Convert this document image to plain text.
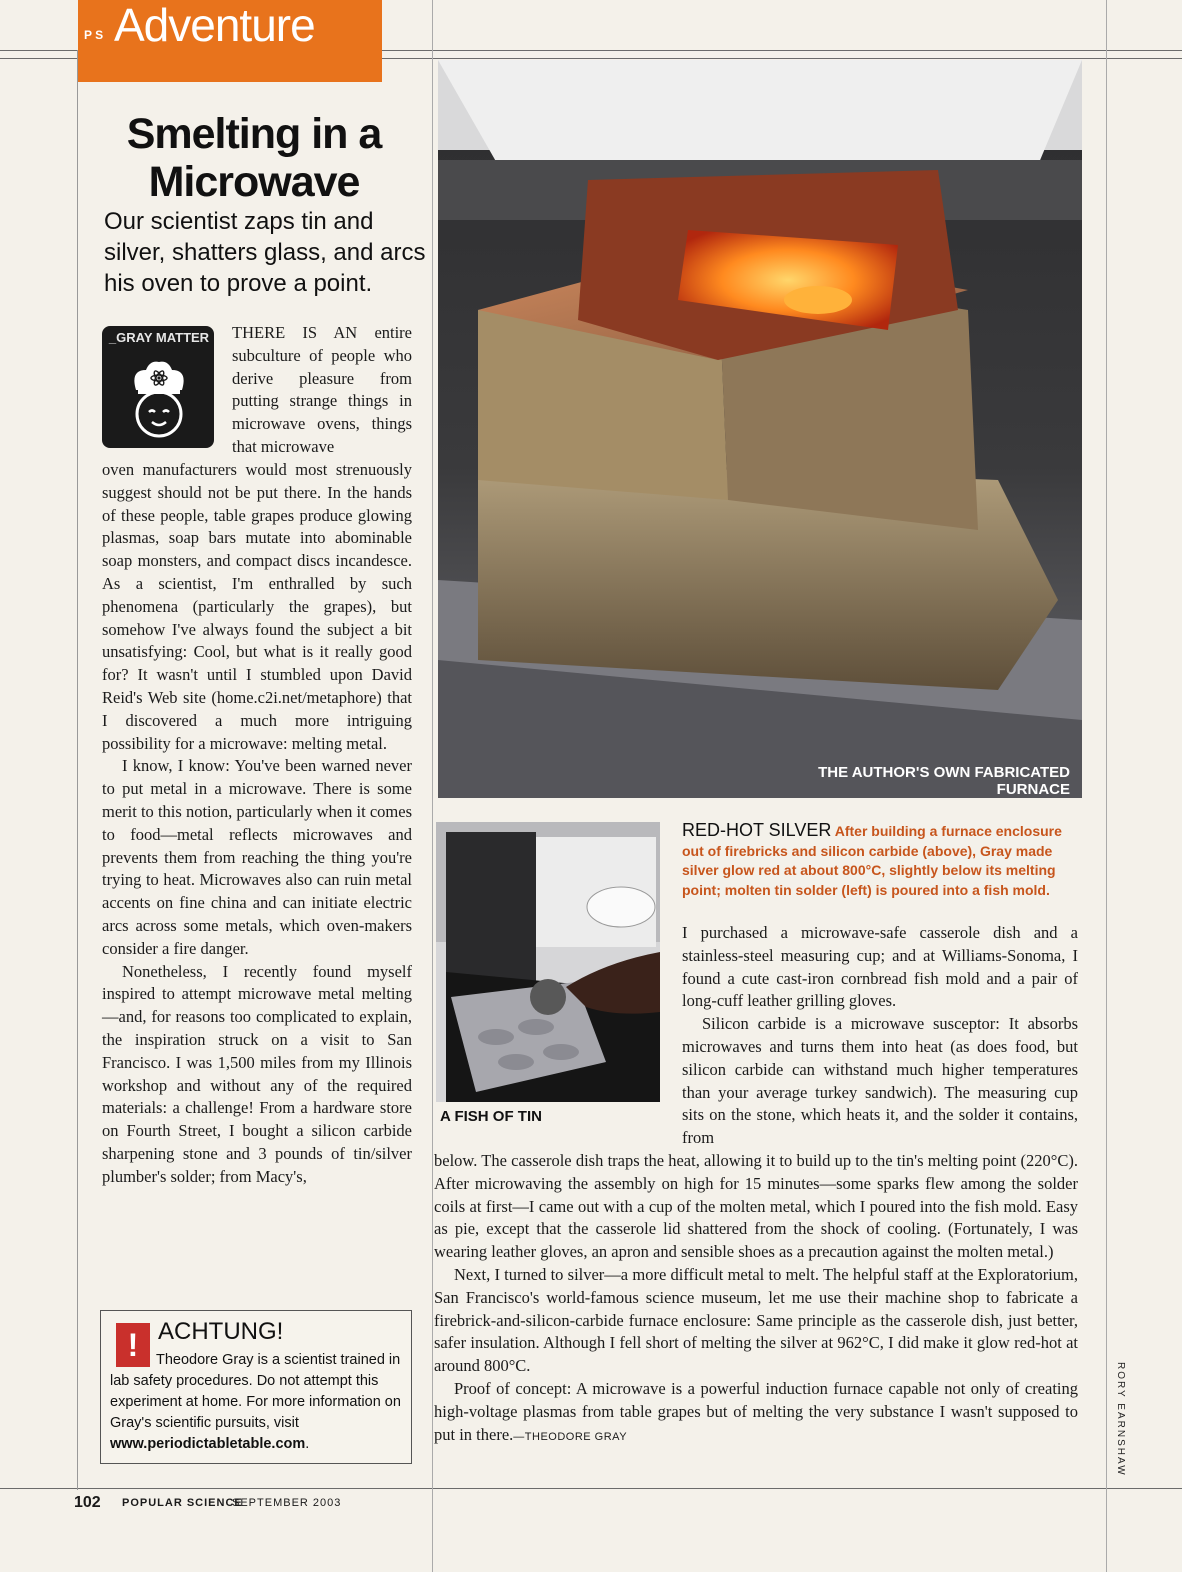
P S Adventure
Smelting in a Microwave
Our scientist zaps tin and silver, shatters glass, and arcs his oven to prove a point.
_GRAY MATTER THERE IS AN entire subculture of people who derive pleasure from putting strange things in microwave ovens, things that microwave

oven manufacturers would most strenuously suggest should not be put there. In the hands of these people, table grapes produce glowing plasmas, soap bars mutate into abominable soap monsters, and compact discs incandesce. As a scientist, I'm enthralled by such phenomena (particularly the grapes), but somehow I've always found the subject a bit unsatisfying: Cool, but what is it really good for? It wasn't until I stumbled upon David Reid's Web site (home.c2i.net/metaphore) that I discovered a much more intriguing possibility for a microwave: melting metal.

I know, I know: You've been warned never to put metal in a microwave. There is some merit to this notion, particularly when it comes to food—metal reflects microwaves and prevents them from reaching the thing you're trying to heat. Microwaves also can ruin metal accents on fine china and can initiate electric arcs across some metals, which oven-makers consider a fire danger.

Nonetheless, I recently found myself inspired to attempt microwave metal melting—and, for reasons too complicated to explain, the inspiration struck on a visit to San Francisco. I was 1,500 miles from my Illinois workshop and without any of the required materials: a challenge! From a hardware store on Fourth Street, I bought a silicon carbide sharpening stone and 3 pounds of tin/silver plumber's solder; from Macy's,

! ACHTUNG!
Theodore Gray is a scientist trained in lab safety procedures. Do not attempt this experiment at home. For more information on Gray's scientific pursuits, visit www.periodictabletable.com.
THE AUTHOR'S OWN FABRICATED FURNACE
A FISH OF TIN
RED-HOT SILVER After building a furnace enclosure out of firebricks and silicon carbide (above), Gray made silver glow red at about 800°C, slightly below its melting point; molten tin solder (left) is poured into a fish mold.

I purchased a microwave-safe casserole dish and a stainless-steel measuring cup; and at Williams-Sonoma, I found a cute cast-iron cornbread fish mold and a pair of long-cuff leather grilling gloves.

Silicon carbide is a microwave susceptor: It absorbs microwaves and turns them into heat (as does food, but silicon carbide can withstand much higher temperatures than your average turkey sandwich). The measuring cup sits on the stone, which heats it, and the solder it contains, from

below. The casserole dish traps the heat, allowing it to build up to the tin's melting point (220°C). After microwaving the assembly on high for 15 minutes—some sparks flew among the solder coils at first—I came out with a cup of the molten metal, which I poured into the fish mold. Easy as pie, except that the casserole lid shattered from the shock of cooling. (Fortunately, I was wearing leather gloves, an apron and sensible shoes as a precaution against the molten metal.)

Next, I turned to silver—a more difficult metal to melt. The helpful staff at the Exploratorium, San Francisco's world-famous science museum, let me use their machine shop to fabricate a firebrick-and-silicon-carbide furnace enclosure: Same principle as the casserole dish, just better, safer insulation. Although I fell short of melting the silver at 962°C, I did make it glow red-hot at around 800°C.

Proof of concept: A microwave is a powerful induction furnace capable not only of creating high-voltage plasmas from table grapes but of melting the very substance I wasn't supposed to put in there.—THEODORE GRAY

102 POPULAR SCIENCE
SEPTEMBER 2003
RORY EARNSHAW
